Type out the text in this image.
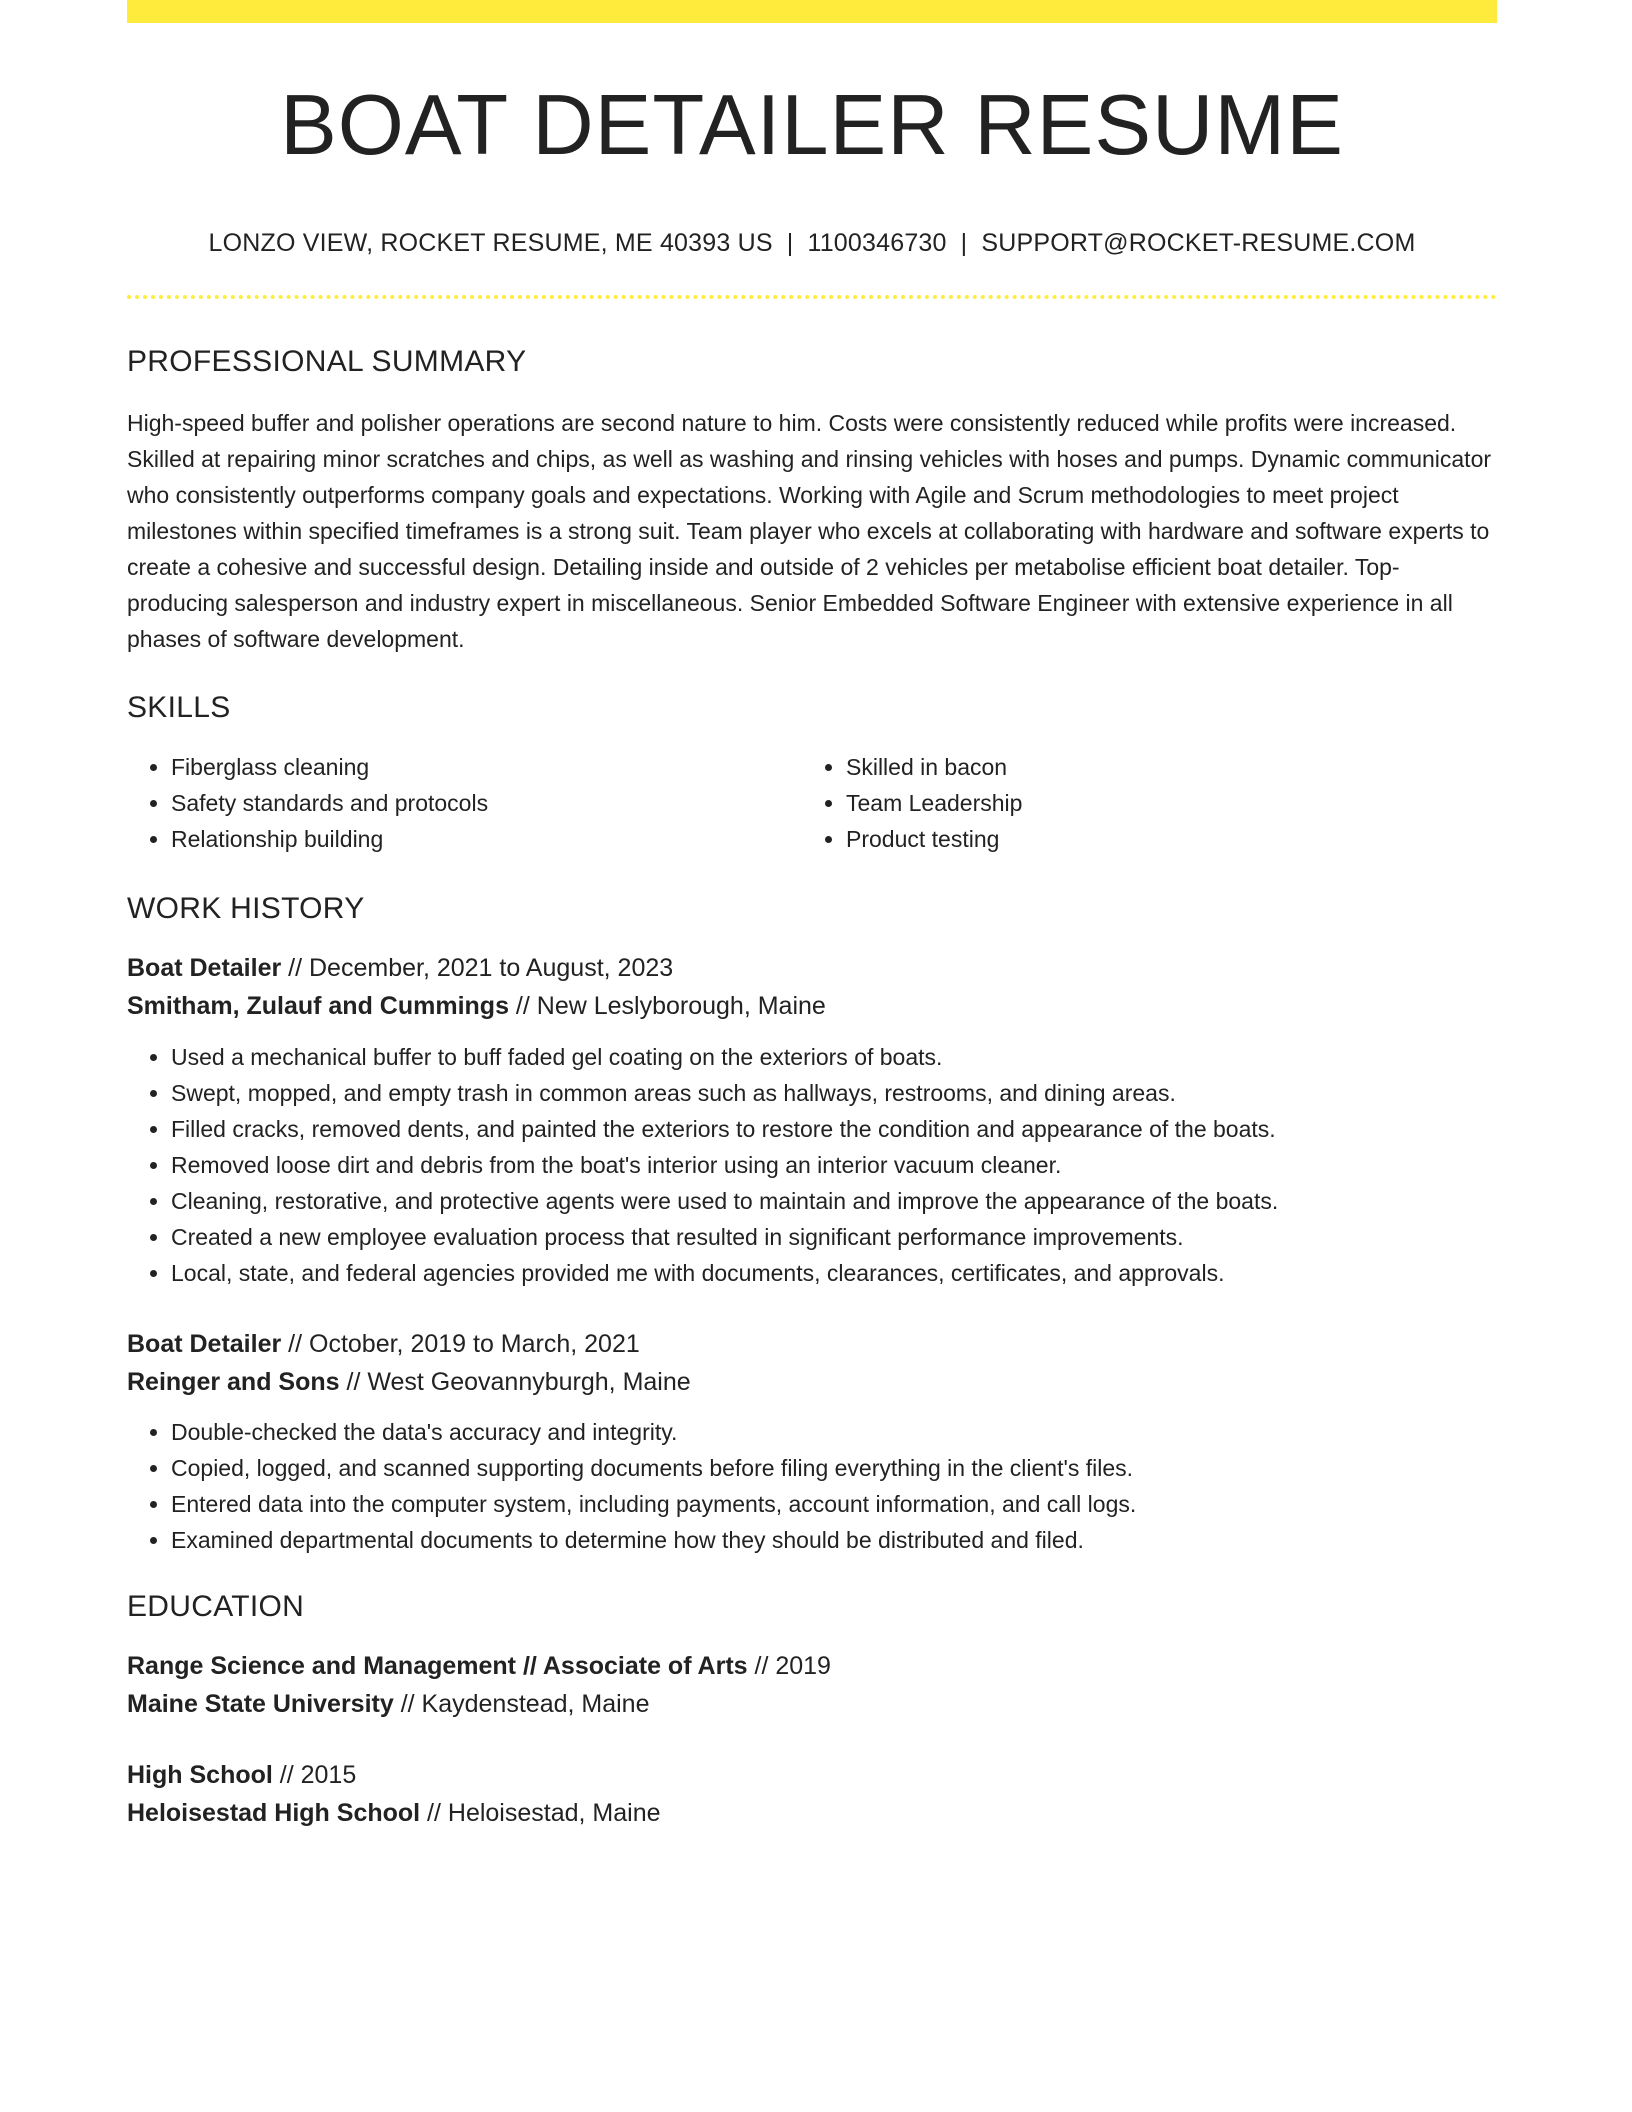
BOAT DETAILER RESUME
LONZO VIEW, ROCKET RESUME, ME 40393 US | 1100346730 | SUPPORT@ROCKET-RESUME.COM
PROFESSIONAL SUMMARY

High-speed buffer and polisher operations are second nature to him. Costs were consistently reduced while profits were increased. Skilled at repairing minor scratches and chips, as well as washing and rinsing vehicles with hoses and pumps. Dynamic communicator who consistently outperforms company goals and expectations. Working with Agile and Scrum methodologies to meet project milestones within specified timeframes is a strong suit. Team player who excels at collaborating with hardware and software experts to create a cohesive and successful design. Detailing inside and outside of 2 vehicles per metabolise efficient boat detailer. Top-producing salesperson and industry expert in miscellaneous. Senior Embedded Software Engineer with extensive experience in all phases of software development.

SKILLS
• Fiberglass cleaning
• Safety standards and protocols
• Relationship building
• Skilled in bacon
• Team Leadership
• Product testing
WORK HISTORY
Boat Detailer // December, 2021 to August, 2023
Smitham, Zulauf and Cummings // New Leslyborough, Maine
• Used a mechanical buffer to buff faded gel coating on the exteriors of boats.
• Swept, mopped, and empty trash in common areas such as hallways, restrooms, and dining areas.
• Filled cracks, removed dents, and painted the exteriors to restore the condition and appearance of the boats.
• Removed loose dirt and debris from the boat's interior using an interior vacuum cleaner.
• Cleaning, restorative, and protective agents were used to maintain and improve the appearance of the boats.
• Created a new employee evaluation process that resulted in significant performance improvements.
• Local, state, and federal agencies provided me with documents, clearances, certificates, and approvals.
Boat Detailer // October, 2019 to March, 2021
Reinger and Sons // West Geovannyburgh, Maine
• Double-checked the data's accuracy and integrity.
• Copied, logged, and scanned supporting documents before filing everything in the client's files.
• Entered data into the computer system, including payments, account information, and call logs.
• Examined departmental documents to determine how they should be distributed and filed.
EDUCATION
Range Science and Management // Associate of Arts // 2019
Maine State University // Kaydenstead, Maine
High School // 2015
Heloisestad High School // Heloisestad, Maine
